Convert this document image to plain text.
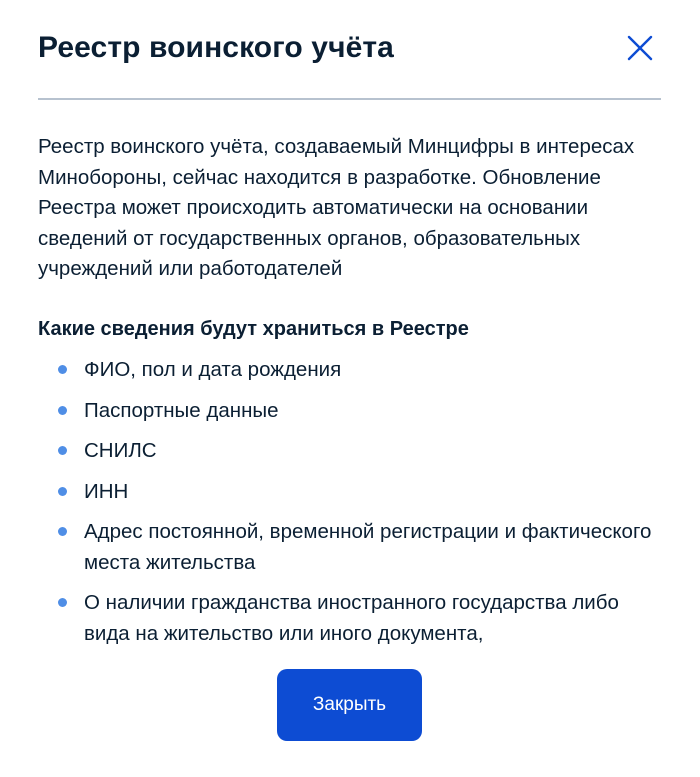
Реестр воинского учёта

Реестр воинского учёта, создаваемый Минцифры в интересах Минобороны, сейчас находится в разработке. Обновление Реестра может происходить автоматически на основании сведений от государственных органов, образовательных учреждений или работодателей

Какие сведения будут храниться в Реестре
ФИО, пол и дата рождения
Паспортные данные
СНИЛС
ИНН
Адрес постоянной, временной регистрации и фактического места жительства
О наличии гражданства иностранного государства либо вида на жительство или иного документа,
Закрыть
